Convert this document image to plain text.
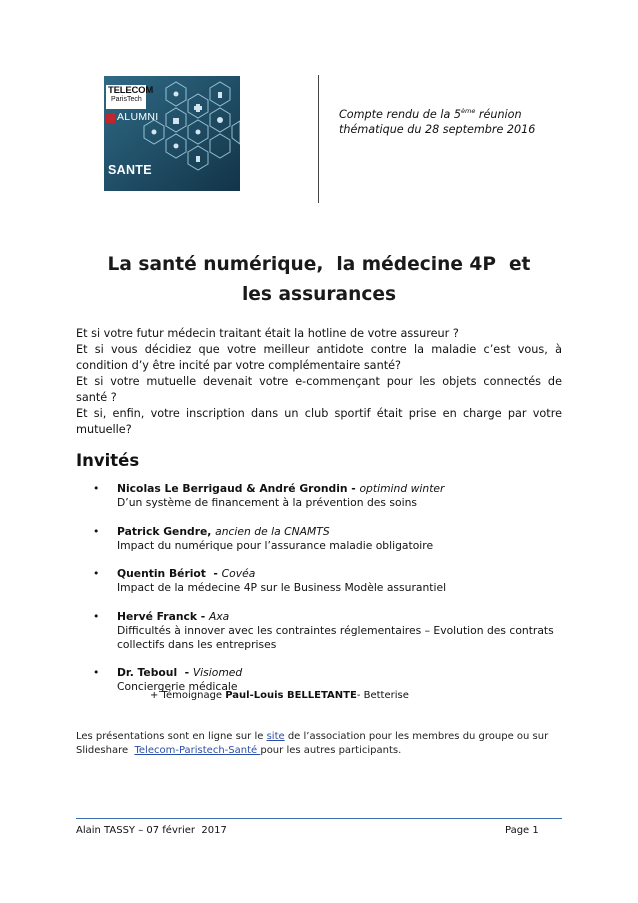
TELECOM
ParisTech
ALUMNI
SANTE
Compte rendu de la 5ème réunion
thématique du 28 septembre 2016
La santé numérique,  la médecine 4P  et
les assurances
Et si votre futur médecin traitant était la hotline de votre assureur ?
Et si vous décidiez que votre meilleur antidote contre la maladie c’est vous, à
condition d’y être incité par votre complémentaire santé?
Et si votre mutuelle devenait votre e-commençant pour les objets connectés de
santé ?
Et si, enfin, votre inscription dans un club sportif était prise en charge par votre
mutuelle?
Invités
• Nicolas Le Berrigaud & André Grondin - optimind winter
D’un système de financement à la prévention des soins
• Patrick Gendre, ancien de la CNAMTS
Impact du numérique pour l’assurance maladie obligatoire
• Quentin Bériot  - Covéa
Impact de la médecine 4P sur le Business Modèle assurantiel
• Hervé Franck - Axa
Difficultés à innover avec les contraintes réglementaires – Evolution des contrats
collectifs dans les entreprises
• Dr. Teboul  - Visiomed
Conciergerie médicale
+ Témoignage Paul-Louis BELLETANTE- Betterise
Les présentations sont en ligne sur le site de l’association pour les membres du groupe ou sur
Slideshare  Telecom-Paristech-Santé pour les autres participants.
Alain TASSY – 07 février  2017	Page 1
